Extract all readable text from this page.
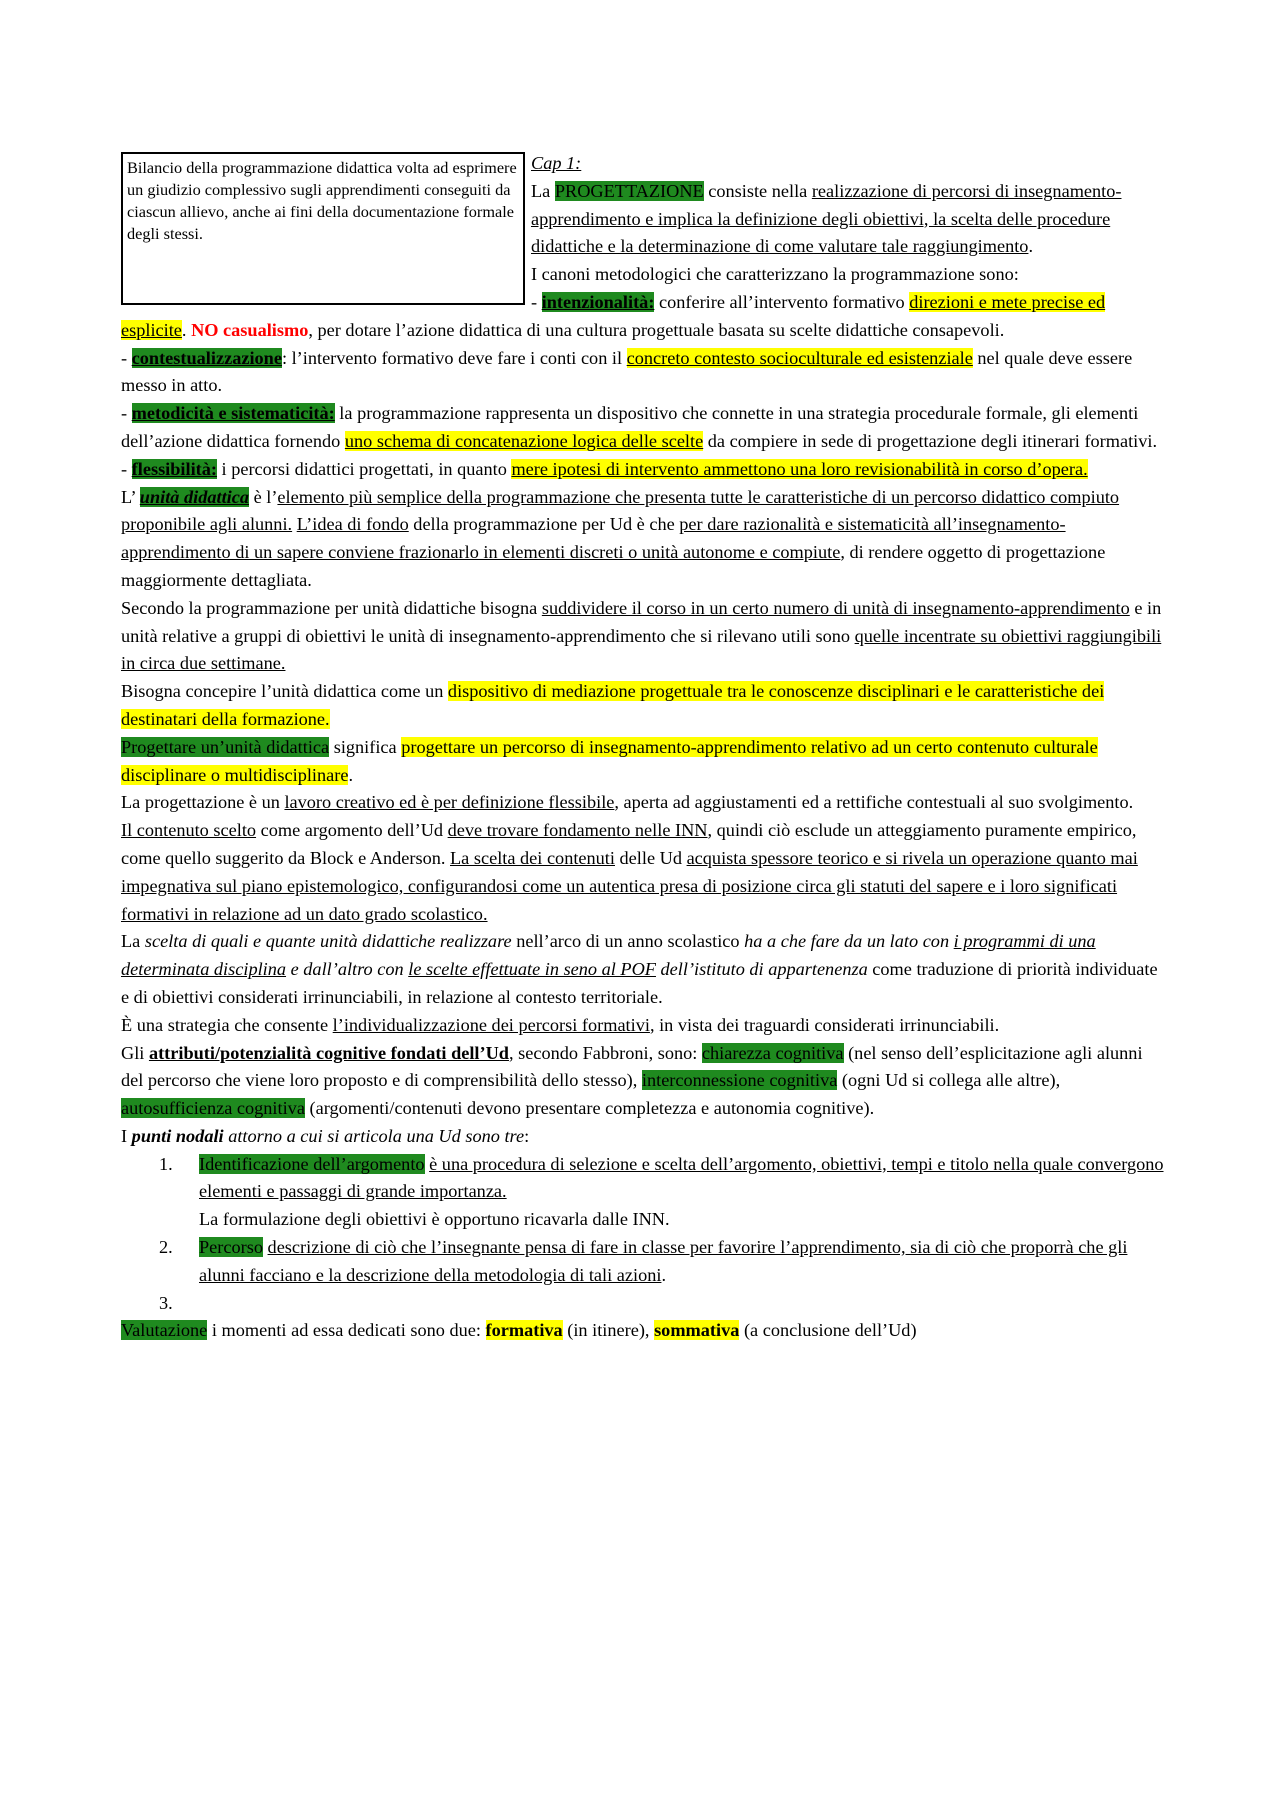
Bilancio della programmazione didattica volta ad esprimere un giudizio complessivo sugli apprendimenti conseguiti da ciascun allievo, anche ai fini della documentazione formale degli stessi.

Cap 1:

La PROGETTAZIONE consiste nella realizzazione di percorsi di insegnamento-apprendimento e implica la definizione degli obiettivi, la scelta delle procedure didattiche e la determinazione di come valutare tale raggiungimento.

I canoni metodologici che caratterizzano la programmazione sono:

- intenzionalità: conferire all’intervento formativo direzioni e mete precise ed esplicite. NO casualismo, per dotare l’azione didattica di una cultura progettuale basata su scelte didattiche consapevoli.

- contestualizzazione: l’intervento formativo deve fare i conti con il concreto contesto socioculturale ed esistenziale nel quale deve essere messo in atto.

- metodicità e sistematicità: la programmazione rappresenta un dispositivo che connette in una strategia procedurale formale, gli elementi dell’azione didattica fornendo uno schema di concatenazione logica delle scelte da compiere in sede di progettazione degli itinerari formativi.

- flessibilità: i percorsi didattici progettati, in quanto mere ipotesi di intervento ammettono una loro revisionabilità in corso d’opera.

L’ unità didattica è l’elemento più semplice della programmazione che presenta tutte le caratteristiche di un percorso didattico compiuto proponibile agli alunni. L’idea di fondo della programmazione per Ud è che per dare razionalità e sistematicità all’insegnamento-apprendimento di un sapere conviene frazionarlo in elementi discreti o unità autonome e compiute, di rendere oggetto di progettazione maggiormente dettagliata.

Secondo la programmazione per unità didattiche bisogna suddividere il corso in un certo numero di unità di insegnamento-apprendimento e in unità relative a gruppi di obiettivi le unità di insegnamento-apprendimento che si rilevano utili sono quelle incentrate su obiettivi raggiungibili in circa due settimane.

Bisogna concepire l’unità didattica come un dispositivo di mediazione progettuale tra le conoscenze disciplinari e le caratteristiche dei destinatari della formazione.

Progettare un’unità didattica significa progettare un percorso di insegnamento-apprendimento relativo ad un certo contenuto culturale disciplinare o multidisciplinare.

La progettazione è un lavoro creativo ed è per definizione flessibile, aperta ad aggiustamenti ed a rettifiche contestuali al suo svolgimento.

Il contenuto scelto come argomento dell’Ud deve trovare fondamento nelle INN, quindi ciò esclude un atteggiamento puramente empirico, come quello suggerito da Block e Anderson. La scelta dei contenuti delle Ud acquista spessore teorico e si rivela un operazione quanto mai impegnativa sul piano epistemologico, configurandosi come un autentica presa di posizione circa gli statuti del sapere e i loro significati formativi in relazione ad un dato grado scolastico.

La scelta di quali e quante unità didattiche realizzare nell’arco di un anno scolastico ha a che fare da un lato con i programmi di una determinata disciplina e dall’altro con le scelte effettuate in seno al POF dell’istituto di appartenenza come traduzione di priorità individuate e di obiettivi considerati irrinunciabili, in relazione al contesto territoriale.

È una strategia che consente l’individualizzazione dei percorsi formativi, in vista dei traguardi considerati irrinunciabili.

Gli attributi/potenzialità cognitive fondati dell’Ud, secondo Fabbroni, sono: chiarezza cognitiva (nel senso dell’esplicitazione agli alunni del percorso che viene loro proposto e di comprensibilità dello stesso), interconnessione cognitiva (ogni Ud si collega alle altre), autosufficienza cognitiva (argomenti/contenuti devono presentare completezza e autonomia cognitive).

I punti nodali attorno a cui si articola una Ud sono tre:

1.	Identificazione dell’argomento è una procedura di selezione e scelta dell’argomento, obiettivi, tempi e titolo nella quale convergono elementi e passaggi di grande importanza.
La formulazione degli obiettivi è opportuno ricavarla dalle INN.
2.	Percorso descrizione di ciò che l’insegnante pensa di fare in classe per favorire l’apprendimento, sia di ciò che proporrà che gli alunni facciano e la descrizione della metodologia di tali azioni.
3.

Valutazione i momenti ad essa dedicati sono due: formativa (in itinere), sommativa (a conclusione dell’Ud)
